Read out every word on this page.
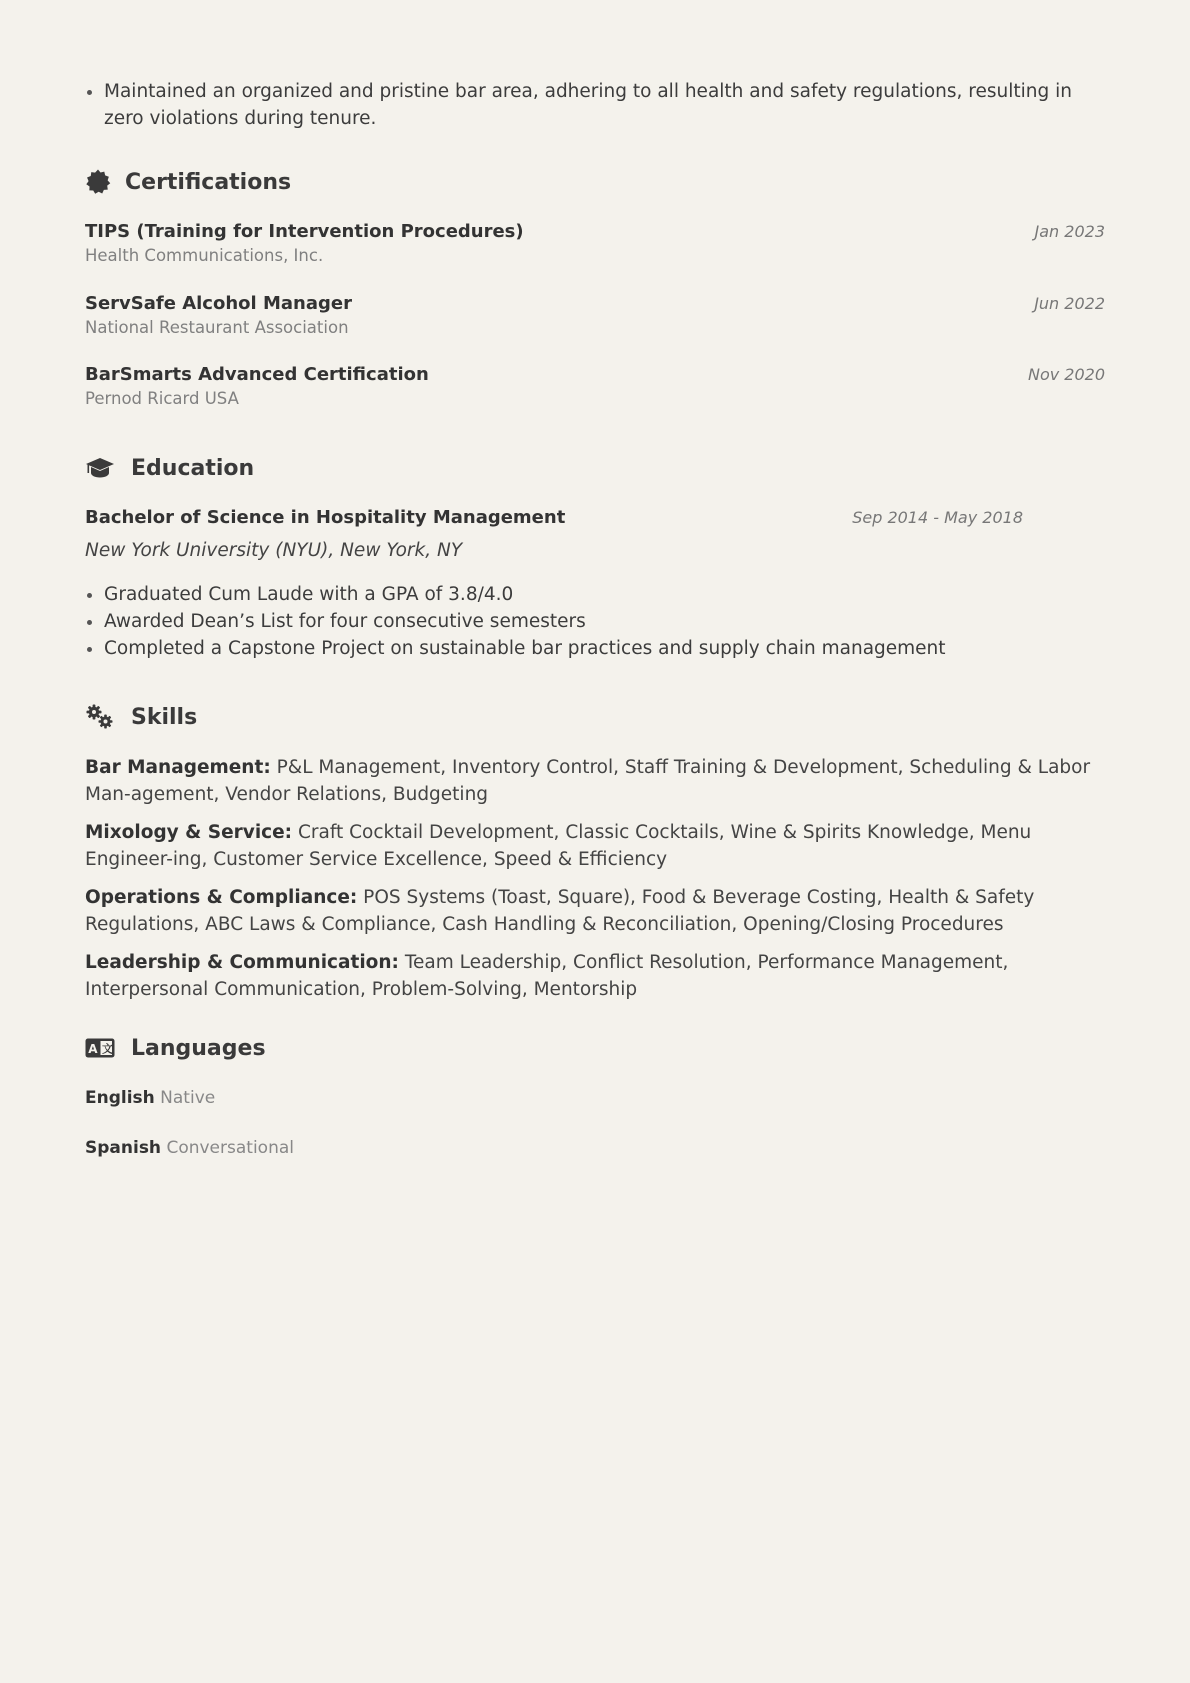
Maintained an organized and pristine bar area, adhering to all health and safety regulations, resulting in zero violations during tenure.
Certifications
TIPS (Training for Intervention Procedures)
Health Communications, Inc.
Jan 2023
ServSafe Alcohol Manager
National Restaurant Association
Jun 2022
BarSmarts Advanced Certification
Pernod Ricard USA
Nov 2020
Education
Bachelor of Science in Hospitality Management	Sep 2014 - May 2018
New York University (NYU), New York, NY
Graduated Cum Laude with a GPA of 3.8/4.0
Awarded Dean’s List for four consecutive semesters
Completed a Capstone Project on sustainable bar practices and supply chain management
Skills
Bar Management: P&L Management, Inventory Control, Staff Training & Development, Scheduling & Labor Man-agement, Vendor Relations, Budgeting
Mixology & Service: Craft Cocktail Development, Classic Cocktails, Wine & Spirits Knowledge, Menu Engineer-ing, Customer Service Excellence, Speed & Efficiency
Operations & Compliance: POS Systems (Toast, Square), Food & Beverage Costing, Health & Safety Regulations, ABC Laws & Compliance, Cash Handling & Reconciliation, Opening/Closing Procedures
Leadership & Communication: Team Leadership, Conflict Resolution, Performance Management, Interpersonal Communication, Problem-Solving, Mentorship
A 文 Languages
English Native
Spanish Conversational
